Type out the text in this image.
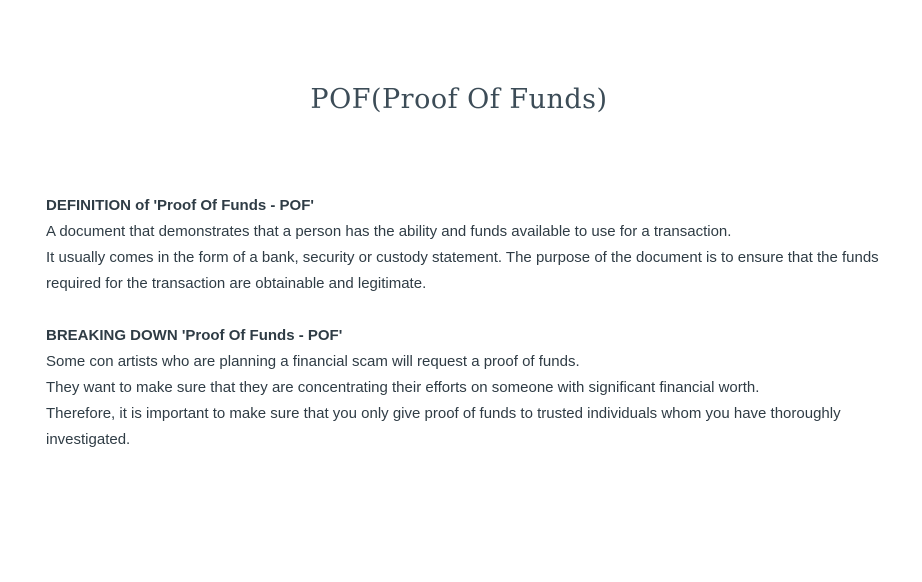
POF(Proof Of Funds)

DEFINITION of 'Proof Of Funds - POF'

A document that demonstrates that a person has the ability and funds available to use for a transaction.

It usually comes in the form of a bank, security or custody statement. The purpose of the document is to ensure that the funds required for the transaction are obtainable and legitimate.

BREAKING DOWN 'Proof Of Funds - POF'

Some con artists who are planning a financial scam will request a proof of funds.

They want to make sure that they are concentrating their efforts on someone with significant financial worth.

Therefore, it is important to make sure that you only give proof of funds to trusted individuals whom you have thoroughly investigated.
